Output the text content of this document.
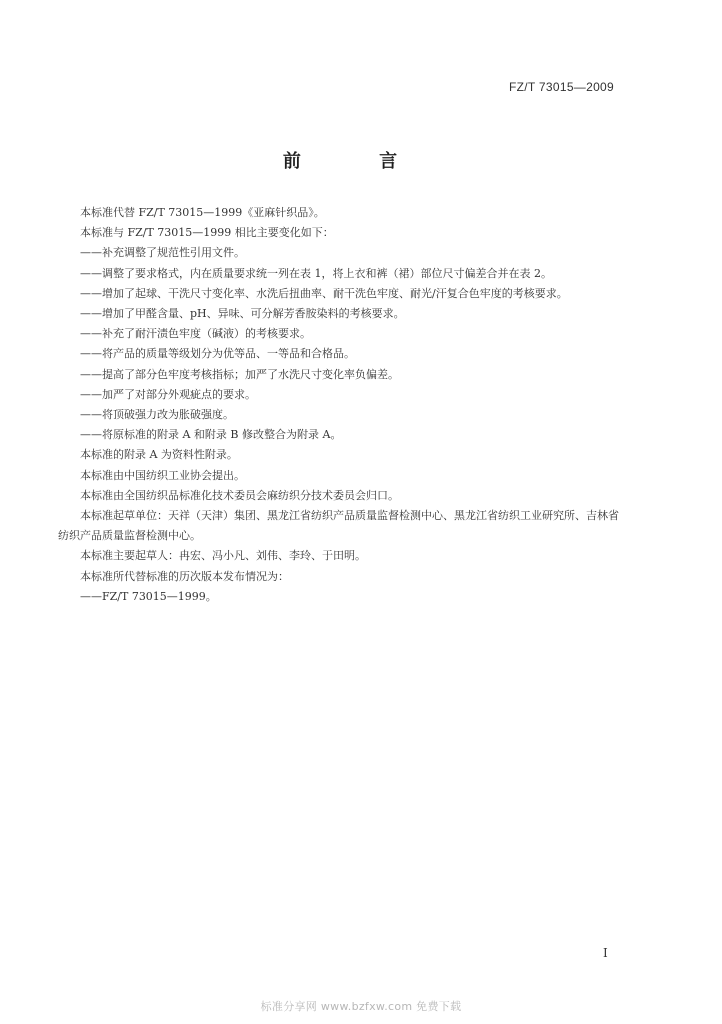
FZ/T 73015—2009
前 言
本标准代替 FZ/T 73015—1999《亚麻针织品》。
本标准与 FZ/T 73015—1999 相比主要变化如下：
——补充调整了规范性引用文件。
——调整了要求格式，内在质量要求统一列在表 1，将上衣和裤（裙）部位尺寸偏差合并在表 2。
——增加了起球、干洗尺寸变化率、水洗后扭曲率、耐干洗色牢度、耐光/汗复合色牢度的考核要求。
——增加了甲醛含量、pH、异味、可分解芳香胺染料的考核要求。
——补充了耐汗渍色牢度（碱液）的考核要求。
——将产品的质量等级划分为优等品、一等品和合格品。
——提高了部分色牢度考核指标；加严了水洗尺寸变化率负偏差。
——加严了对部分外观疵点的要求。
——将顶破强力改为胀破强度。
——将原标准的附录 A 和附录 B 修改整合为附录 A。
本标准的附录 A 为资料性附录。
本标准由中国纺织工业协会提出。
本标准由全国纺织品标准化技术委员会麻纺织分技术委员会归口。
本标准起草单位：天祥（天津）集团、黑龙江省纺织产品质量监督检测中心、黑龙江省纺织工业研究所、吉林省纺织产品质量监督检测中心。
本标准主要起草人：冉宏、冯小凡、刘伟、李玲、于田明。
本标准所代替标准的历次版本发布情况为：
——FZ/T 73015—1999。
I
标准分享网 www.bzfxw.com 免费下载
